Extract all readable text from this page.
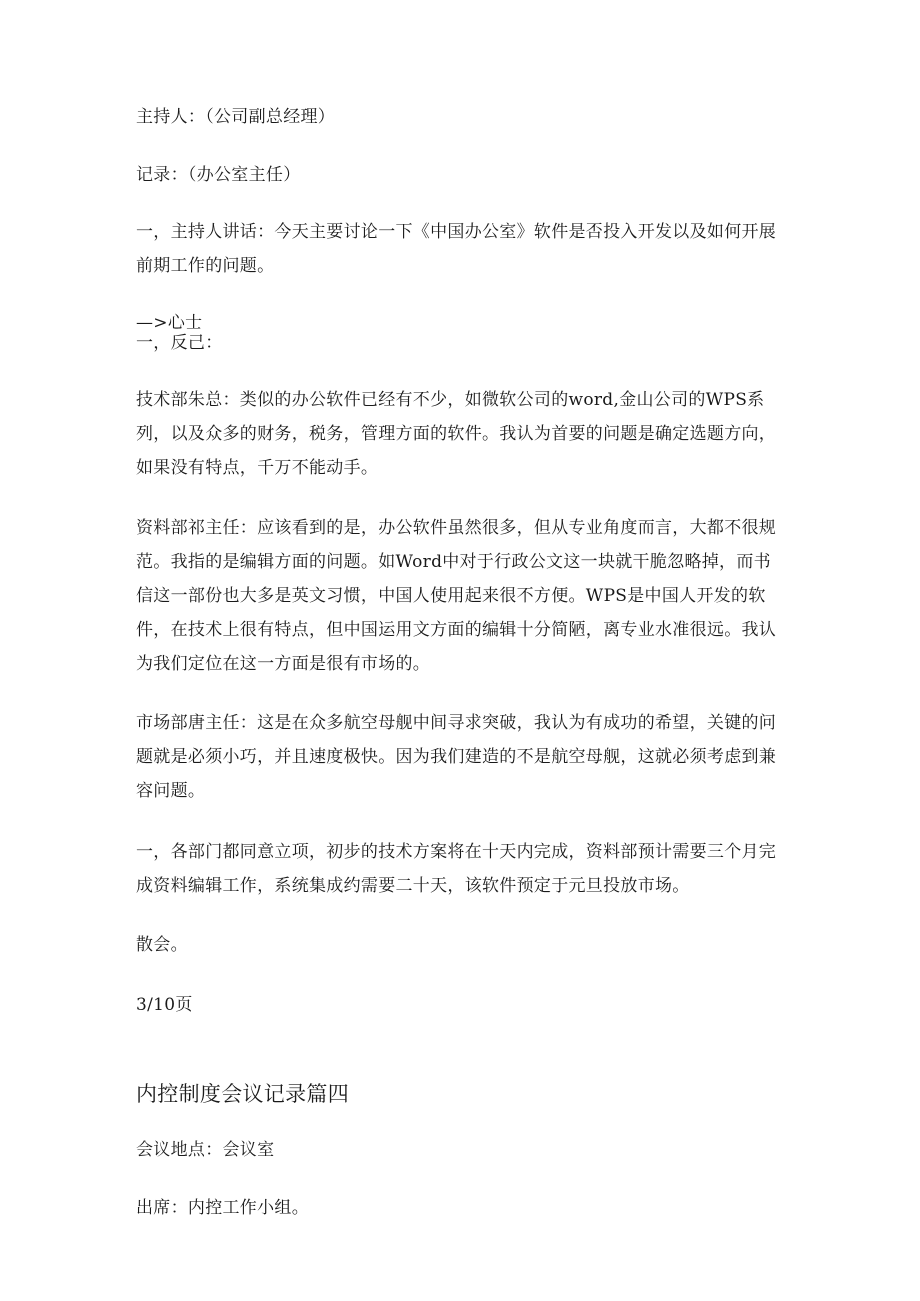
主持人：（公司副总经理）

记录：（办公室主任）

一，主持人讲话：今天主要讨论一下《中国办公室》软件是否投入开发以及如何开展前期工作的问题。

—>心士

一，反己：

技术部朱总：类似的办公软件已经有不少，如微软公司的word,金山公司的WPS系列，以及众多的财务，税务，管理方面的软件。我认为首要的问题是确定选题方向，如果没有特点，千万不能动手。

资料部祁主任：应该看到的是，办公软件虽然很多，但从专业角度而言，大都不很规范。我指的是编辑方面的问题。如Word中对于行政公文这一块就干脆忽略掉，而书信这一部份也大多是英文习惯，中国人使用起来很不方便。WPS是中国人开发的软件，在技术上很有特点，但中国运用文方面的编辑十分简陋，离专业水准很远。我认为我们定位在这一方面是很有市场的。

市场部唐主任：这是在众多航空母舰中间寻求突破，我认为有成功的希望，关键的问题就是必须小巧，并且速度极快。因为我们建造的不是航空母舰，这就必须考虑到兼容问题。

一，各部门都同意立项，初步的技术方案将在十天内完成，资料部预计需要三个月完成资料编辑工作，系统集成约需要二十天，该软件预定于元旦投放市场。

散会。

3/10页

内控制度会议记录篇四

会议地点：会议室

出席：内控工作小组。
